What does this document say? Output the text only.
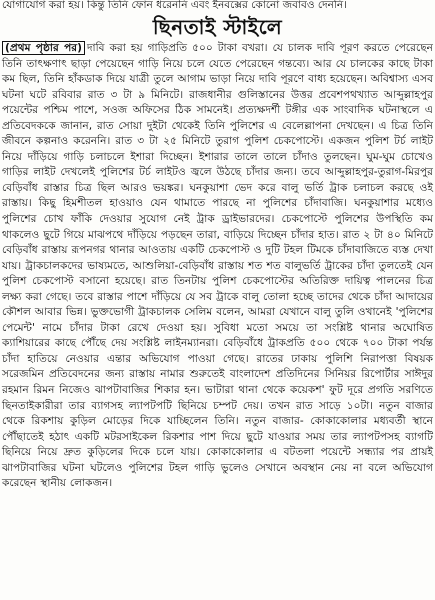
যোগাযোগ করা হয়। কিন্তু তিনি ফোন ধরেননি এবং ইনবক্সের কোনো জবাবও দেননি।
ছিনতাই স্টাইলে
(প্রথম পৃষ্ঠার পর) দাবি করা হয় গাড়িপ্রতি ৫০০ টাকা বখরা। যে চালক দাবি পূরণ করতে পেরেছেন তিনি তাৎক্ষণাৎ ছাড়া পেয়েছেন গাড়ি নিয়ে চলে যেতে পেরেছেন গন্তব্যে। আর যে চালকের কাছে টাকা কম ছিল, তিনি হাঁকডাক দিয়ে যাত্রী তুলে আগাম ভাড়া নিয়ে দাবি পূরণে বাধ্য হয়েছেন। অবিশ্বাস্য এসব ঘটনা ঘটে রবিবার রাত ৩ টা ৯ মিনিটে। রাজধানীর গুলিস্তানের উত্তর প্রবেশপথখ্যাত আব্দুল্লাহপুর পয়েন্টের পশ্চিম পাশে, সওজ অফিসের ঠিক সামনেই। প্রত্যক্ষদর্শী টঙ্গীর এক সাংবাদিক ঘটনাস্থলে এ প্রতিবেদককে জানান, রাত সোয়া দুইটা থেকেই তিনি পুলিশের এ বেলেল্লাপনা দেখছেন। এ চিত্র তিনি জীবনে কল্পনাও করেননি। রাত ৩ টা ২৫ মিনিটে তুরাগ পুলিশ চেকপোস্টে। একজন পুলিশ টর্চ লাইট নিয়ে দাঁড়িয়ে গাড়ি চলাচলে ইশারা দিচ্ছেন। ইশারার তালে তালে চাঁদাও তুলছেন। ঘুম-ঘুম চোখেও গাড়ির লাইট দেখলেই পুলিশের টর্চ লাইটও জ্বলে উঠছে চাঁদার জন্য। তবে আব্দুল্লাহপুর-তুরাগ-মিরপুর বেড়িবাঁধ রাস্তার চিত্র ছিল আরও ভয়ঙ্কর। ঘনকুয়াশা ভেদ করে বালু ভর্তি ট্রাক চলাচল করছে ওই রাস্তায়। কিছু হিমশীতল হাওয়াও যেন থামাতে পারছে না পুলিশের চাঁদাবাজি। ঘনকুয়াশার মধ্যেও পুলিশের চোখ ফাঁকি দেওয়ার সুযোগ নেই ট্রাক ড্রাইভারদের। চেকপোস্টে পুলিশের উপস্থিতি কম থাকলেও ছুটে গিয়ে মাঝপথে দাঁড়িয়ে পড়ছেন তারা, বাড়িয়ে দিচ্ছেন চাঁদার হাত। রাত ২ টা ৪০ মিনিটে বেড়িবাঁধ রাস্তায় রূপনগর থানার আওতায় একটি চেকপোস্ট ও দুটি টহল টিমকে চাঁদাবাজিতে ব্যস্ত দেখা যায়। ট্রাকচালকদের ভাষ্যমতে, আশুলিয়া-বেড়িবাঁধ রাস্তায় শত শত বালুভর্তি ট্রাকের চাঁদা তুলতেই যেন পুলিশ চেকপোস্ট বসানো হয়েছে। রাত তিনটায় পুলিশ চেকপোস্টের অতিরিক্ত দায়িত্ব পালনের চিত্র লক্ষ্য করা গেছে। তবে রাস্তার পাশে দাঁড়িয়ে যে সব ট্রাকে বালু তোলা হচ্ছে তাদের থেকে চাঁদা আদায়ের কৌশল আবার ভিন্ন। ভুক্তভোগী ট্রাকচালক সেলিম বলেন, আমরা যেখানে বালু তুলি ওখানেই 'পুলিশের পেমেন্ট' নামে চাঁদার টাকা রেখে দেওয়া হয়। সুবিধা মতো সময়ে তা সংশ্লিষ্ট থানার অঘোষিত ক্যাশিয়ারের কাছে পৌঁছে দেয় সংশ্লিষ্ট লাইনম্যানরা। বেড়িবাঁধে ট্রাকপ্রতি ৫০০ থেকে ৭০০ টাকা পর্যন্ত চাঁদা হাতিয়ে নেওয়ার এন্তার অভিযোগ পাওয়া গেছে। রাতের ঢাকায় পুলিশি নিরাপত্তা বিষয়ক সরেজমিন প্রতিবেদনের জন্য রাস্তায় নামার শুরুতেই বাংলাদেশ প্রতিদিনের সিনিয়র রিপোর্টার সাঈদুর রহমান রিমন নিজেও ঝাপটাবাজির শিকার হন। ভাটারা থানা থেকে কয়েকশ' ফুট দূরে প্রগতি সরণিতে ছিনতাইকারীরা তার ব্যাগসহ ল্যাপটপটি ছিনিয়ে চম্পট দেয়। তখন রাত সাড়ে ১০টা। নতুন বাজার থেকে রিকশায় কুড়িল মোড়ের দিকে যাচ্ছিলেন তিনি। নতুন বাজার- কোকাকোলার মধ্যবর্তী স্থানে পৌঁছাতেই হঠাৎ একটি মটরসাইকেল রিকশার পাশ দিয়ে ছুটে যাওয়ার সময় তার ল্যাপটপসহ ব্যাগটি ছিনিয়ে নিয়ে দ্রুত কুড়িলের দিকে চলে যায়। কোকাকোলার এ বটতলা পয়েন্টে সন্ধ্যার পর প্রায়ই ঝাপটাবাজির ঘটনা ঘটলেও পুলিশের টহল গাড়ি ভুলেও সেখানে অবস্থান নেয় না বলে অভিযোগ করেছেন স্থানীয় লোকজন।
